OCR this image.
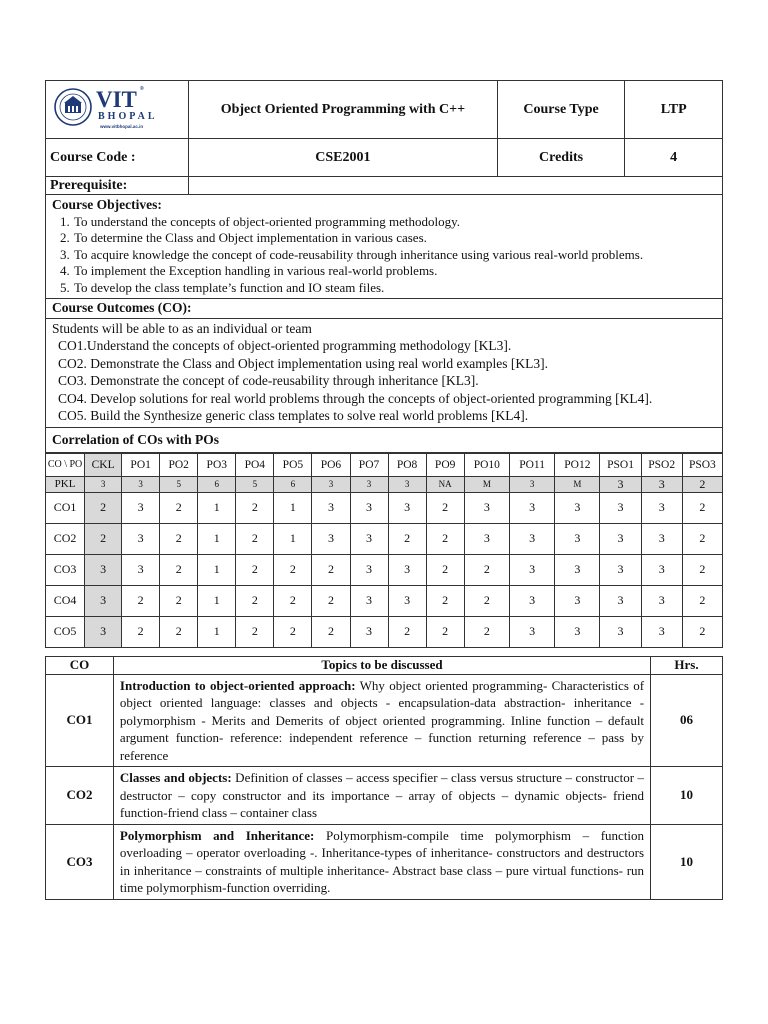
VIT
BHOPAL
www.vitbhopal.ac.in
®	Object Oriented Programming with C++	Course Type	LTP
Course Code :	CSE2001	Credits	4
Prerequisite:			
Course Objectives:
1. To understand the concepts of object-oriented programming methodology.
2. To determine the Class and Object implementation in various cases.
3. To acquire knowledge the concept of code-reusability through inheritance using various real-world problems.
4. To implement the Exception handling in various real-world problems.
5. To develop the class template’s function and IO steam files.
Course Outcomes (CO):

Students will be able to as an individual or team
CO1.Understand the concepts of object-oriented programming methodology [KL3].
CO2. Demonstrate the Class and Object implementation using real world examples [KL3].
CO3. Demonstrate the concept of code-reusability through inheritance [KL3].
CO4. Develop solutions for real world problems through the concepts of object-oriented programming [KL4].
CO5. Build the Synthesize generic class templates to solve real world problems [KL4].
Correlation of COs with POs
CO \ PO	CKL	PO1	PO2	PO3	PO4	PO5	PO6	PO7	PO8	PO9	PO10	PO11	PO12	PSO1	PSO2	PSO3
PKL	3	3	5	6	5	6	3	3	3	NA	M	3	M	3	3	2
CO1	2	3	2	1	2	1	3	3	3	2	3	3	3	3	3	2
CO2	2	3	2	1	2	1	3	3	2	2	3	3	3	3	3	2
CO3	3	3	2	1	2	2	2	3	3	2	2	3	3	3	3	2
CO4	3	2	2	1	2	2	2	3	3	2	2	3	3	3	3	2
CO5	3	2	2	1	2	2	2	3	2	2	2	3	3	3	3	2
CO	Topics to be discussed	Hrs.
CO1	Introduction to object-oriented approach: Why object oriented programming- Characteristics of object oriented language: classes and objects - encapsulation-data abstraction- inheritance - polymorphism - Merits and Demerits of object oriented programming. Inline function – default argument function- reference: independent reference – function returning reference – pass by reference	06
CO2	Classes and objects: Definition of classes – access specifier – class versus structure – constructor – destructor – copy constructor and its importance – array of objects – dynamic objects- friend function-friend class – container class	10
CO3	Polymorphism and Inheritance: Polymorphism-compile time polymorphism – function overloading – operator overloading -. Inheritance-types of inheritance- constructors and destructors in inheritance – constraints of multiple inheritance- Abstract base class – pure virtual functions- run time polymorphism-function overriding.	10
